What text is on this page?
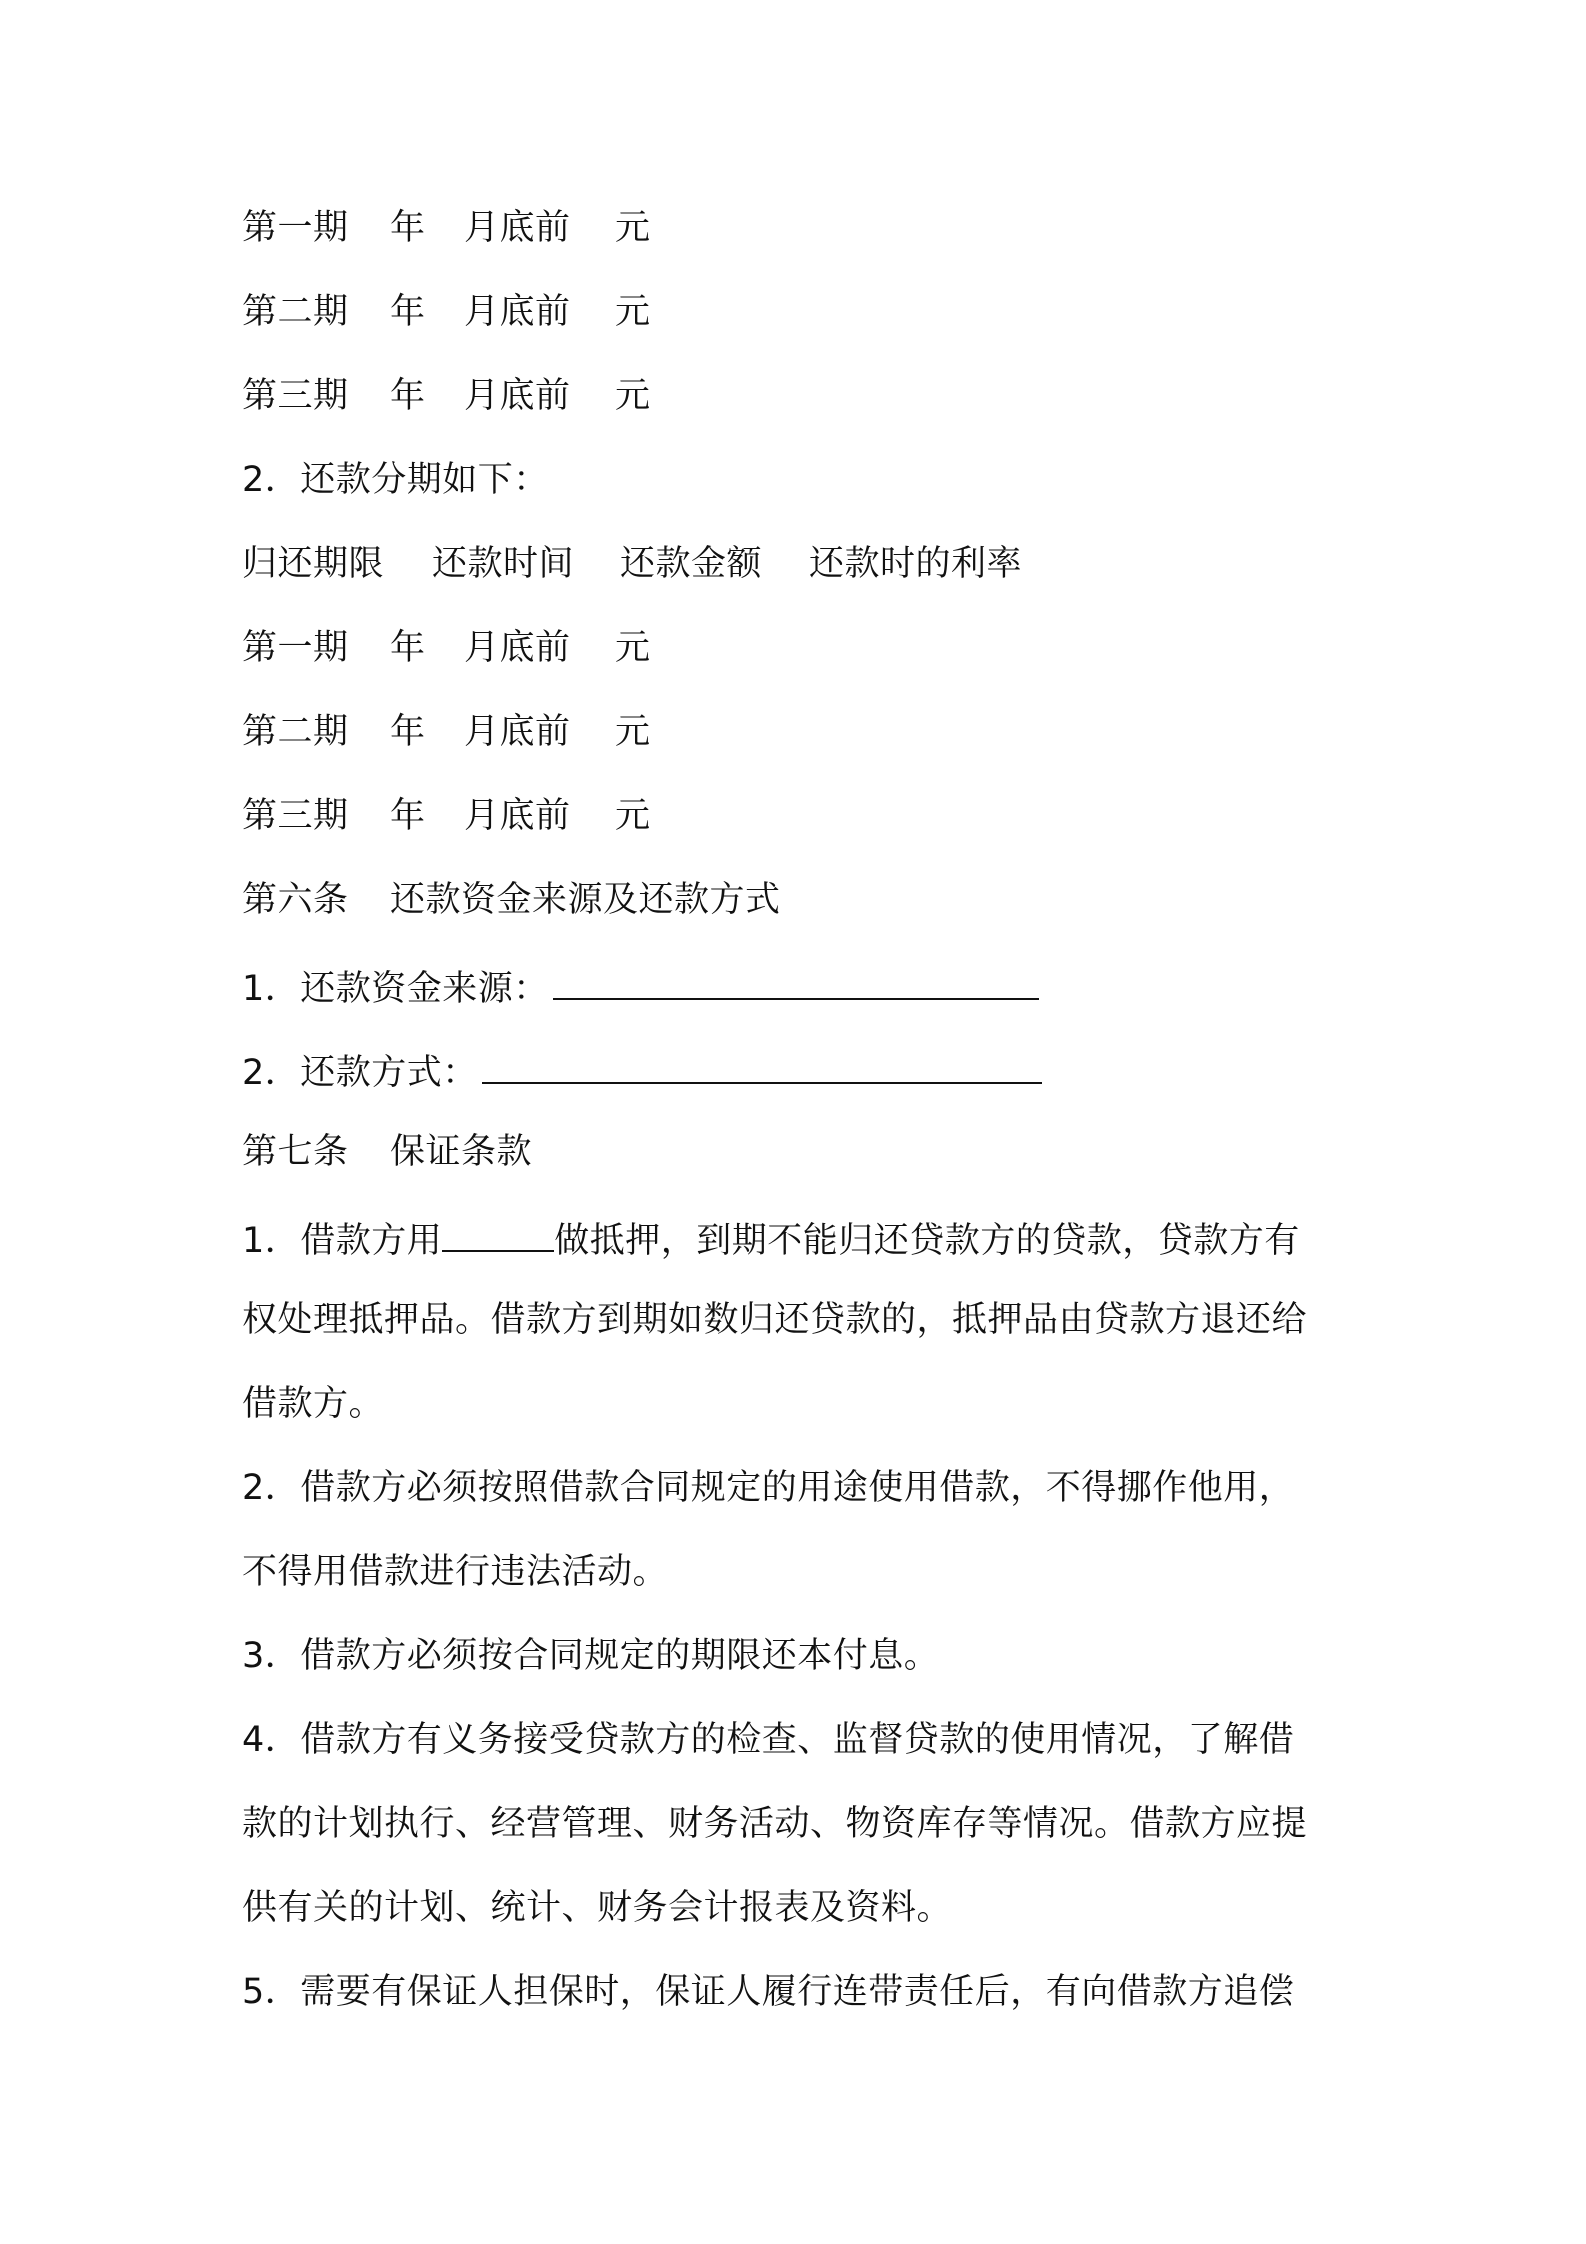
第一期 年 月底前 元
第二期 年 月底前 元
第三期 年 月底前 元
2．还款分期如下：
归还期限 还款时间 还款金额 还款时的利率
第一期 年 月底前 元
第二期 年 月底前 元
第三期 年 月底前 元
第六条 还款资金来源及还款方式
1．还款资金来源：
2．还款方式：
第七条 保证条款
1．借款方用	做抵押，到期不能归还贷款方的贷款，贷款方有
权处理抵押品。借款方到期如数归还贷款的，抵押品由贷款方退还给
借款方。
2．借款方必须按照借款合同规定的用途使用借款，不得挪作他用，
不得用借款进行违法活动。
3．借款方必须按合同规定的期限还本付息。
4．借款方有义务接受贷款方的检查、监督贷款的使用情况，了解借
款的计划执行、经营管理、财务活动、物资库存等情况。借款方应提
供有关的计划、统计、财务会计报表及资料。
5．需要有保证人担保时，保证人履行连带责任后，有向借款方追偿
